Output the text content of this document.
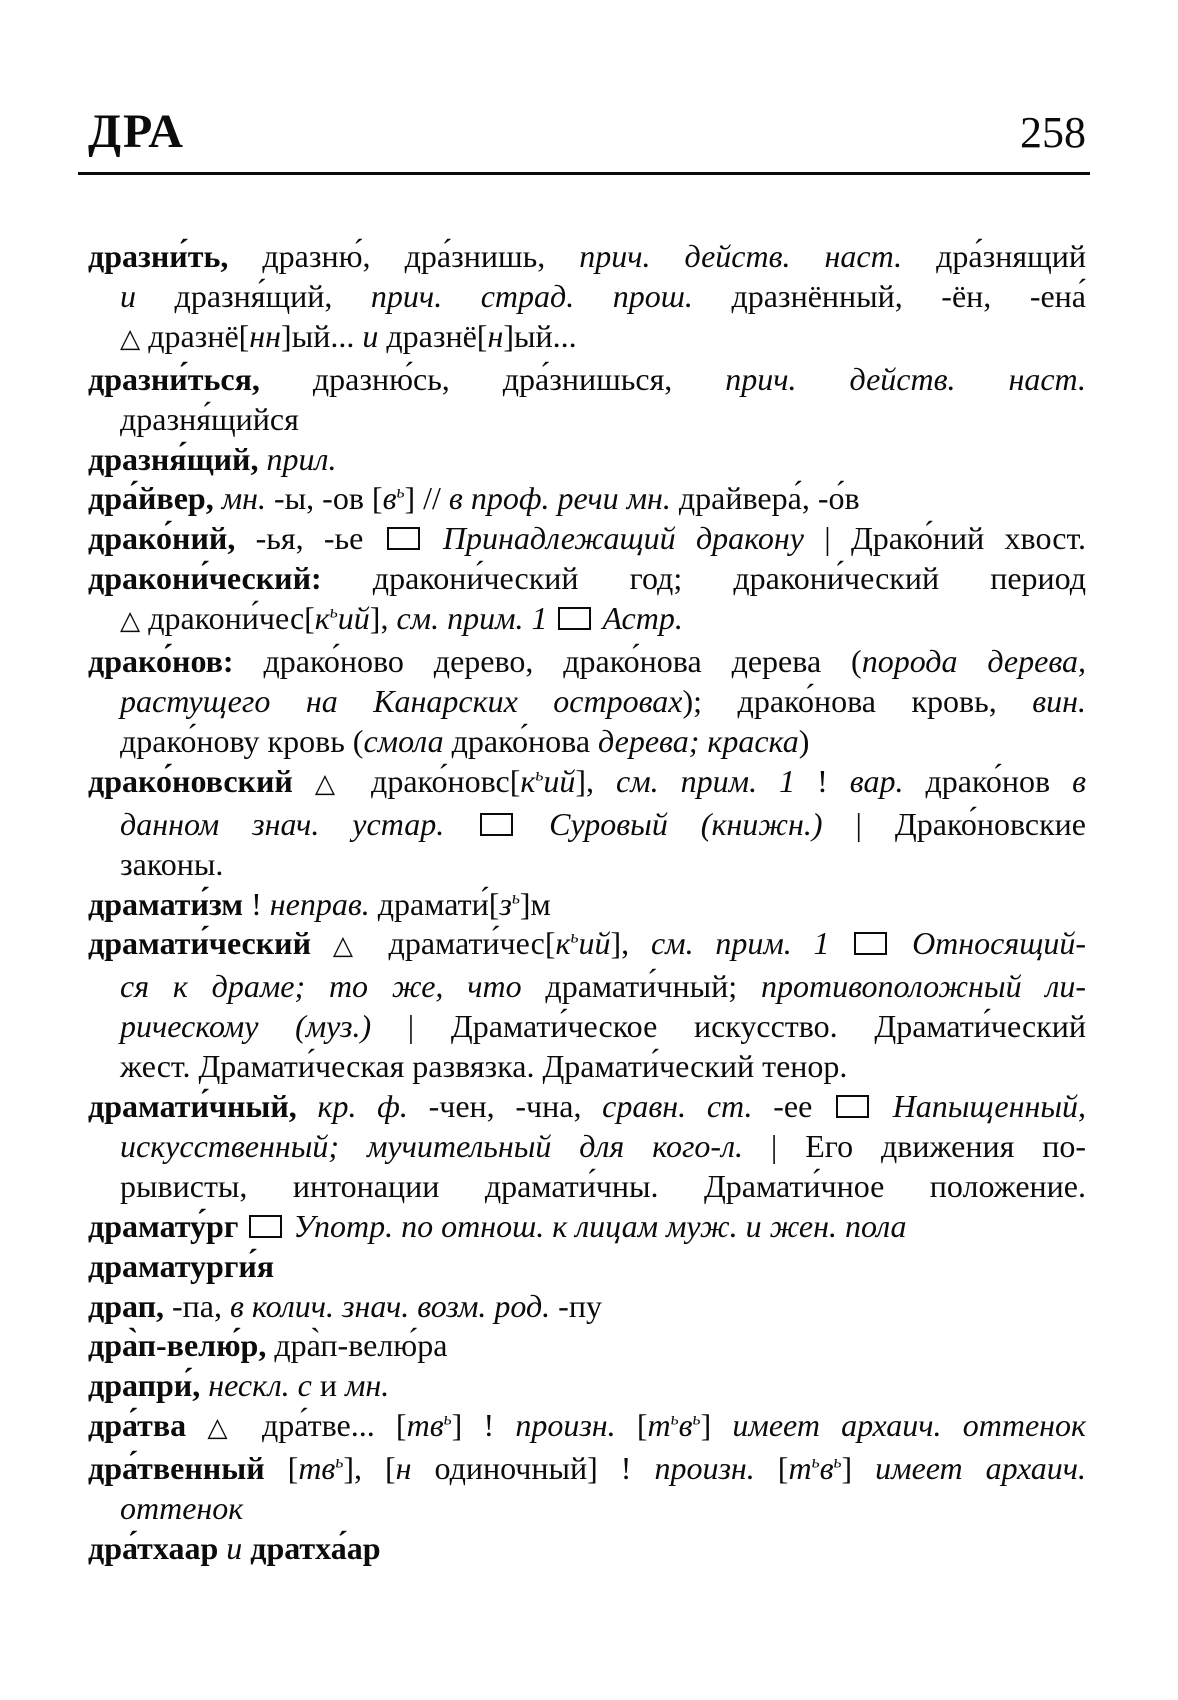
ДРА	258
дразни́ть, дразню́, дра́знишь, прич. действ. наст. дра́знящий
и дразня́щий, прич. страд. прош. дразнённый, -ён, -ена́
△ дразнё[нн]ый... и дразнё[н]ый...
дразни́ться, дразню́сь, дра́знишься, прич. действ. наст.
дразня́щийся
дразня́щий, прил.
дра́йвер, мн. -ы, -ов $[в^ь]$ // в проф. речи мн. драйвера́, -о́в
драко́ний, -ья, -ье  Принадлежащий дракону | Драко́ний хвост.
дракони́ческий: дракони́ческий год; дракони́ческий период
△ $дракони́чес[к^ьий]$, см. прим. 1  Астр.
драко́нов: драко́ново дерево, драко́нова дерева (порода дерева,
растущего на Канарских островах); драко́нова кровь, вин.
драко́нову кровь (смола драко́нова дерева; краска)
драко́новский △ $драко́новс[к^ьий]$, см. прим. 1 ! вар. драко́нов в
данном знач. устар.  Суровый (книжн.) | Драко́новские
законы.
драмати́зм ! неправ. $драмати́[з^ь]м$
драмати́ческий △ $драмати́чес[к^ьий]$, см. прим. 1  Относящий-
ся к драме; то же, что драмати́чный; противоположный ли-
рическому (муз.) | Драмати́ческое искусство. Драмати́ческий
жест. Драмати́ческая развязка. Драмати́ческий тенор.
драмати́чный, кр. ф. -чен, -чна, сравн. ст. -ее  Напыщенный,
искусственный; мучительный для кого-л. | Его движения по-
рывисты, интонации драмати́чны. Драмати́чное положение.
драмату́рг  Употр. по отнош. к лицам муж. и жен. пола
драматурги́я
драп, -па, в колич. знач. возм. род. -пу
дра̀п-велю́р, дра̀п-велю́ра
драпри́, нескл. с и мн.
дра́тва △ дра́тве... $[тв^ь]$ ! произн. $[т^ьв^ь]$ имеет архаич. оттенок
дра́твенный $[тв^ь]$, [н одиночный] ! произн. $[т^ьв^ь]$ имеет архаич.
оттенок
дра́тхаар и дратха́ар
